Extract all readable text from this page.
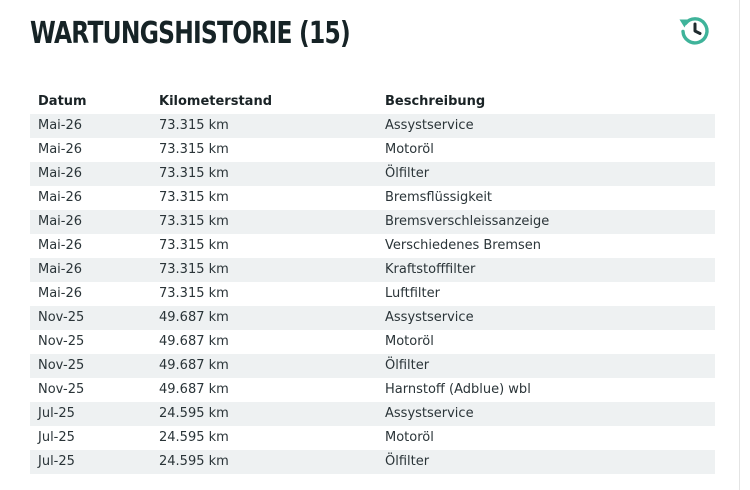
WARTUNGSHISTORIE (15)
Datum	Kilometerstand	Beschreibung
Mai-26	73.315 km	Assystservice
Mai-26	73.315 km	Motoröl
Mai-26	73.315 km	Ölfilter
Mai-26	73.315 km	Bremsflüssigkeit
Mai-26	73.315 km	Bremsverschleissanzeige
Mai-26	73.315 km	Verschiedenes Bremsen
Mai-26	73.315 km	Kraftstofffilter
Mai-26	73.315 km	Luftfilter
Nov-25	49.687 km	Assystservice
Nov-25	49.687 km	Motoröl
Nov-25	49.687 km	Ölfilter
Nov-25	49.687 km	Harnstoff (Adblue) wbl
Jul-25	24.595 km	Assystservice
Jul-25	24.595 km	Motoröl
Jul-25	24.595 km	Ölfilter
